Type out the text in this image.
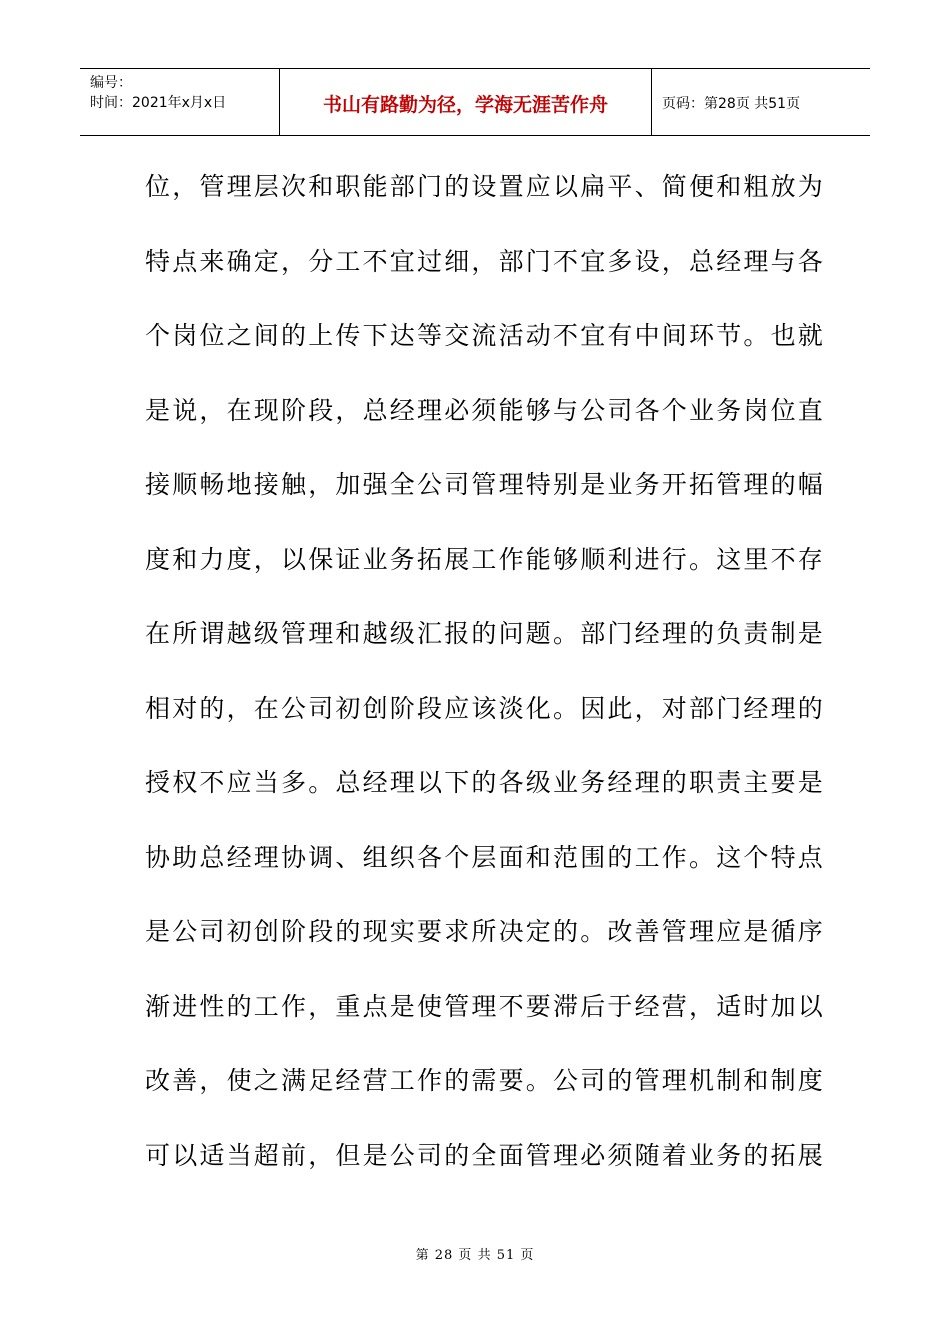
编号：
时间：2021年x月x日	书山有路勤为径，学海无涯苦作舟	页码：第28页 共51页
位，管理层次和职能部门的设置应以扁平、简便和粗放为
特点来确定，分工不宜过细，部门不宜多设，总经理与各
个岗位之间的上传下达等交流活动不宜有中间环节。也就
是说，在现阶段，总经理必须能够与公司各个业务岗位直
接顺畅地接触，加强全公司管理特别是业务开拓管理的幅
度和力度，以保证业务拓展工作能够顺利进行。这里不存
在所谓越级管理和越级汇报的问题。部门经理的负责制是
相对的，在公司初创阶段应该淡化。因此，对部门经理的
授权不应当多。总经理以下的各级业务经理的职责主要是
协助总经理协调、组织各个层面和范围的工作。这个特点
是公司初创阶段的现实要求所决定的。改善管理应是循序
渐进性的工作，重点是使管理不要滞后于经营，适时加以
改善，使之满足经营工作的需要。公司的管理机制和制度
可以适当超前，但是公司的全面管理必须随着业务的拓展
第 28 页 共 51 页
